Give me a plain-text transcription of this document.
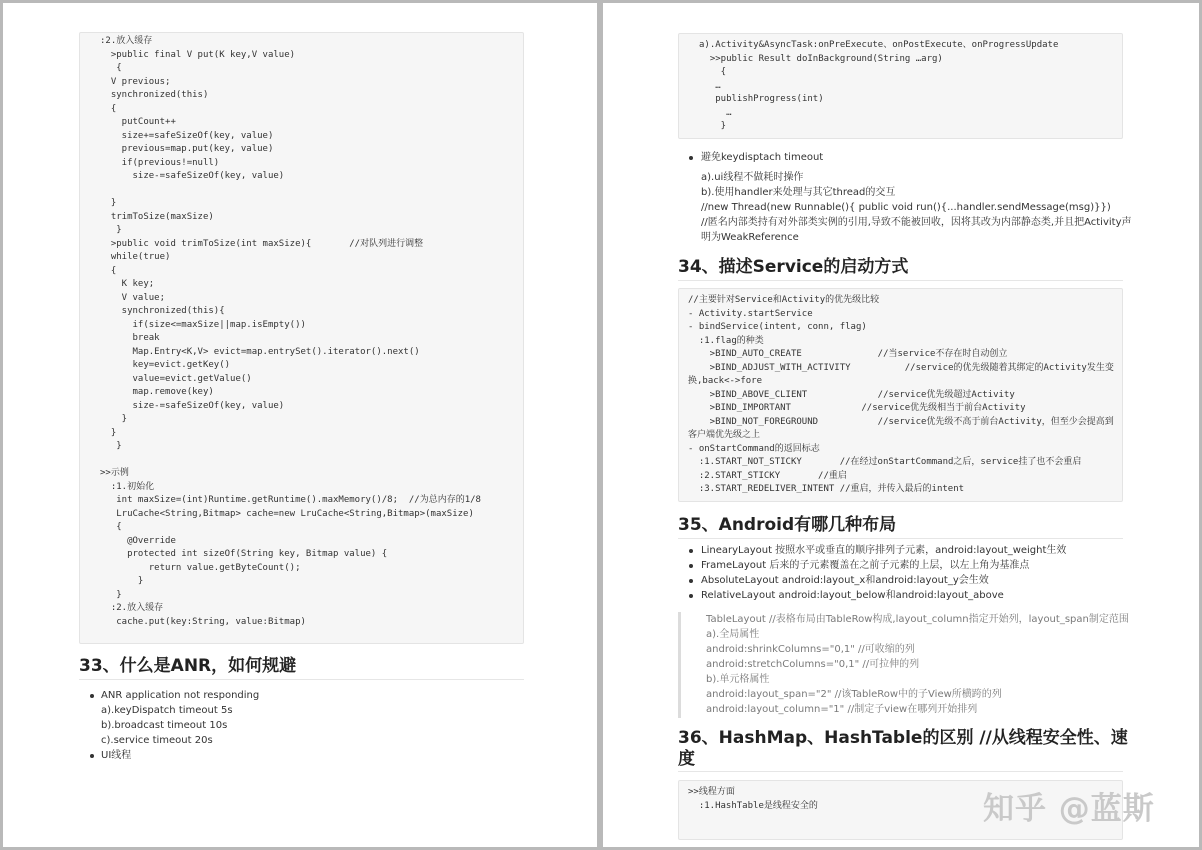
:2.放入缓存
>public final V put(K key,V value)
{
V previous;
synchronized(this)
{
putCount++
size+=safeSizeOf(key, value)
previous=map.put(key, value)
if(previous!=null)
size-=safeSizeOf(key, value)
}
trimToSize(maxSize)
}
>public void trimToSize(int maxSize){       //对队列进行调整
while(true)
{
K key;
V value;
synchronized(this){
if(size<=maxSize||map.isEmpty())
break
Map.Entry<K,V> evict=map.entrySet().iterator().next()
key=evict.getKey()
value=evict.getValue()
map.remove(key)
size-=safeSizeOf(key, value)
}
}
}
>>示例
:1.初始化
int maxSize=(int)Runtime.getRuntime().maxMemory()/8;  //为总内存的1/8
LruCache<String,Bitmap> cache=new LruCache<String,Bitmap>(maxSize)
{
@Override
protected int sizeOf(String key, Bitmap value) {
return value.getByteCount();
}
}
:2.放入缓存
cache.put(key:String, value:Bitmap)
33、什么是ANR，如何规避
ANR application not responding
a).keyDispatch timeout 5s
b).broadcast timeout 10s
c).service timeout 20s
UI线程
a).Activity&AsyncTask:onPreExecute、onPostExecute、onProgressUpdate
>>public Result doInBackground(String …arg)
{
…
publishProgress(int)
…
}
避免keydisptach timeout
a).ui线程不做耗时操作
b).使用handler来处理与其它thread的交互
//new Thread(new Runnable(){ public void run(){...handler.sendMessage(msg)}})
//匿名内部类持有对外部类实例的引用,导致不能被回收，因将其改为内部静态类,并且把Activity声
明为WeakReference
34、描述Service的启动方式
//主要针对Service和Activity的优先级比较
- Activity.startService
- bindService(intent, conn, flag)
:1.flag的种类
>BIND_AUTO_CREATE              //当service不存在时自动创立
>BIND_ADJUST_WITH_ACTIVITY          //service的优先级随着其绑定的Activity发生变
换,back<->fore
>BIND_ABOVE_CLIENT             //service优先级超过Activity
>BIND_IMPORTANT             //service优先级相当于前台Activity
>BIND_NOT_FOREGROUND           //service优先级不高于前台Activity，但至少会提高到
客户端优先级之上
- onStartCommand的返回标志
:1.START_NOT_STICKY       //在经过onStartCommand之后，service挂了也不会重启
:2.START_STICKY       //重启
:3.START_REDELIVER_INTENT //重启，并传入最后的intent
35、Android有哪几种布局
LinearyLayout 按照水平或垂直的顺序排列子元素，android:layout_weight生效
FrameLayout 后来的子元素覆盖在之前子元素的上层，以左上角为基准点
AbsoluteLayout android:layout_x和android:layout_y会生效
RelativeLayout android:layout_below和android:layout_above
TableLayout //表格布局由TableRow构成,layout_column指定开始列，layout_span制定范围
a).全局属性
android:shrinkColumns="0,1" //可收缩的列
android:stretchColumns="0,1" //可拉伸的列
b).单元格属性
android:layout_span="2" //该TableRow中的子View所横跨的列
android:layout_column="1" //制定子view在哪列开始排列
36、HashMap、HashTable的区别 //从线程安全性、速
度
>>线程方面
:1.HashTable是线程安全的	知乎 @蓝斯
